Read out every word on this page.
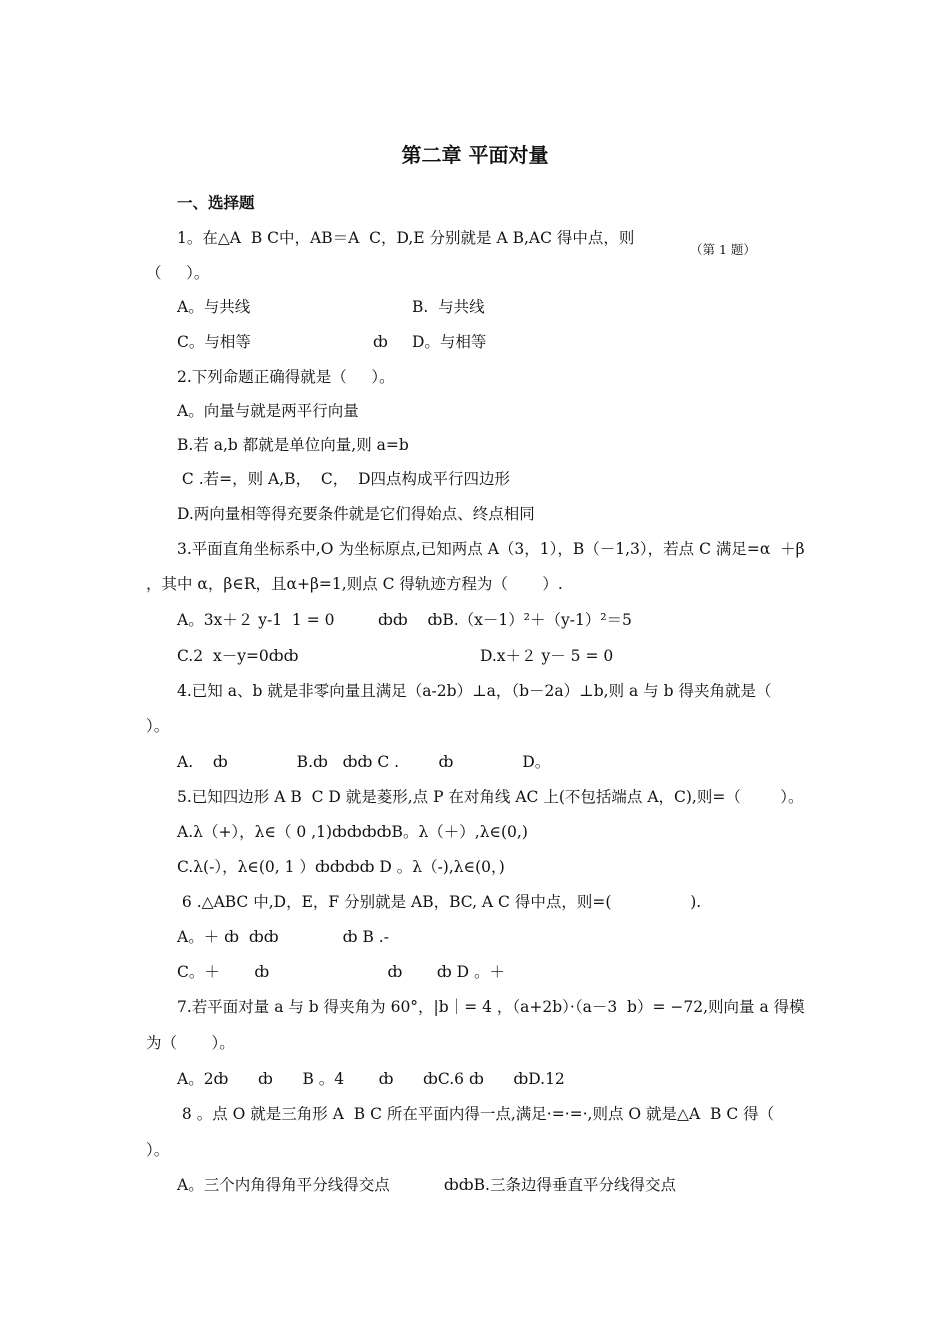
第二章 平面对量
一、选择题
1。在△A  B C中，AB＝A  C，D,E 分别就是 A B,AC 得中点，则
（第 1 题）
（     ）。
A。与共线	B.  与共线
C。与相等	ȸ D。与相等
2.下列命题正确得就是（     ）。
A。向量与就是两平行向量
B.若 a,b 都就是单位向量,则 a=b
C .若=，则 A,B，  C，  D四点构成平行四边形
D.两向量相等得充要条件就是它们得始点、终点相同
3.平面直角坐标系中,O 为坐标原点,已知两点 A（3，1），B（－1,3），若点 C 满足=α  ＋β
，其中 α，β∈R，且α+β=1,则点 C 得轨迹方程为（       ）.
A。3x＋２ y-1  1 = 0	ȸȸ    ȸB.（x－1）²＋（y-1）²＝5
C.2  x－y=0ȸȸ	D.x＋２ y－ 5 = 0
4.已知 a、b 就是非零向量且满足（a-2b）⊥a，（b－2a）⊥b,则 a 与 b 得夹角就是（
）。
A.    ȸ              B.ȸ   ȸȸ C .        ȸ              D。
5.已知四边形 A B  C D 就是菱形,点 P 在对角线 AC 上(不包括端点 A，C),则=（        ）。
A.λ（+），λ∈（ 0 ,1)ȸȸȸȸB。λ（＋）,λ∈(0,)
C.λ(-），λ∈(0, 1 ）ȸȸȸȸ D 。λ（-),λ∈(0，)
6 .△ABC 中,D，E，F 分别就是 AB，BC, A C 得中点，则=(                ).
A。＋ ȸ  ȸȸ             ȸ B .-
C。＋       ȸ                        ȸ       ȸ D 。＋
7.若平面对量 a 与 b 得夹角为 60°，|b｜= 4 ，（a+2b）·（a－3  b）= −72,则向量 a 得模
为（       ）。
A。2ȸ      ȸ      B 。4       ȸ      ȸC.6 ȸ      ȸD.12
8 。点 O 就是三角形 A  B C 所在平面内得一点,满足·=·=·,则点 O 就是△A  B C 得（
）。
A。三个内角得角平分线得交点           ȸȸB.三条边得垂直平分线得交点
